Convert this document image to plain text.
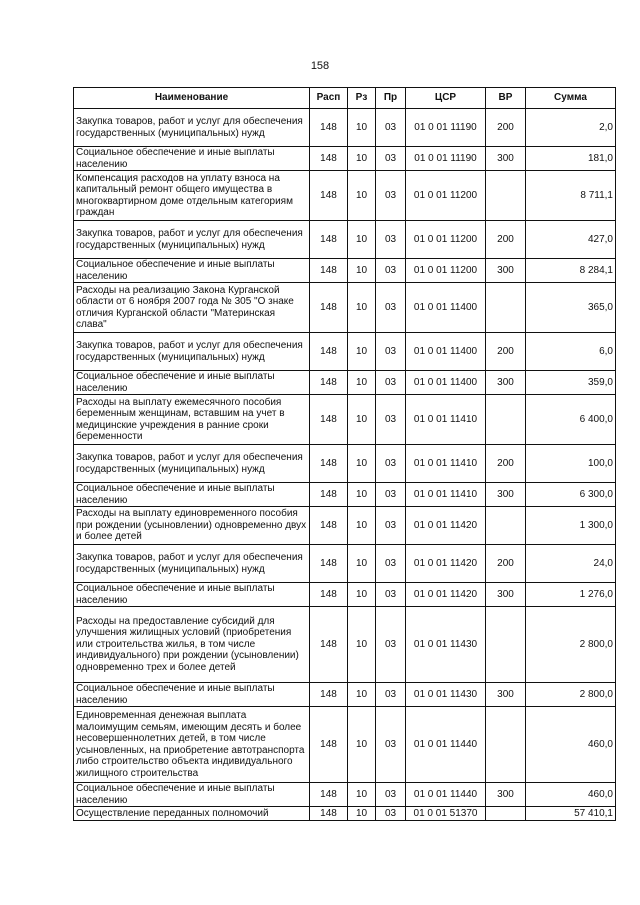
158
Наименование	Расп	Рз	Пр	ЦСР	ВР	Сумма
Закупка товаров, работ и услуг для обеспечения государственных (муниципальных) нужд	148	10	03	01 0 01 11190	200	2,0
Социальное обеспечение и иные выплаты населению	148	10	03	01 0 01 11190	300	181,0
Компенсация расходов на уплату взноса на капитальный ремонт общего имущества в многоквартирном доме отдельным категориям граждан	148	10	03	01 0 01 11200		8 711,1
Закупка товаров, работ и услуг для обеспечения государственных (муниципальных) нужд	148	10	03	01 0 01 11200	200	427,0
Социальное обеспечение и иные выплаты населению	148	10	03	01 0 01 11200	300	8 284,1
Расходы на реализацию Закона Курганской области от 6 ноября 2007 года № 305 "О знаке отличия Курганской области "Материнская слава"	148	10	03	01 0 01 11400		365,0
Закупка товаров, работ и услуг для обеспечения государственных (муниципальных) нужд	148	10	03	01 0 01 11400	200	6,0
Социальное обеспечение и иные выплаты населению	148	10	03	01 0 01 11400	300	359,0
Расходы на выплату ежемесячного пособия беременным женщинам, вставшим на учет в медицинские учреждения в ранние сроки беременности	148	10	03	01 0 01 11410		6 400,0
Закупка товаров, работ и услуг для обеспечения государственных (муниципальных) нужд	148	10	03	01 0 01 11410	200	100,0
Социальное обеспечение и иные выплаты населению	148	10	03	01 0 01 11410	300	6 300,0
Расходы на выплату единовременного пособия при рождении (усыновлении) одновременно двух и более детей	148	10	03	01 0 01 11420		1 300,0
Закупка товаров, работ и услуг для обеспечения государственных (муниципальных) нужд	148	10	03	01 0 01 11420	200	24,0
Социальное обеспечение и иные выплаты населению	148	10	03	01 0 01 11420	300	1 276,0
Расходы на предоставление субсидий для улучшения жилищных условий (приобретения или строительства жилья, в том числе индивидуального) при рождении (усыновлении) одновременно трех и более детей	148	10	03	01 0 01 11430		2 800,0
Социальное обеспечение и иные выплаты населению	148	10	03	01 0 01 11430	300	2 800,0
Единовременная денежная выплата малоимущим семьям, имеющим десять и более несовершеннолетних детей, в том числе усыновленных, на приобретение автотранспорта либо строительство объекта индивидуального жилищного строительства	148	10	03	01 0 01 11440		460,0
Социальное обеспечение и иные выплаты населению	148	10	03	01 0 01 11440	300	460,0
Осуществление переданных полномочий	148	10	03	01 0 01 51370		57 410,1
